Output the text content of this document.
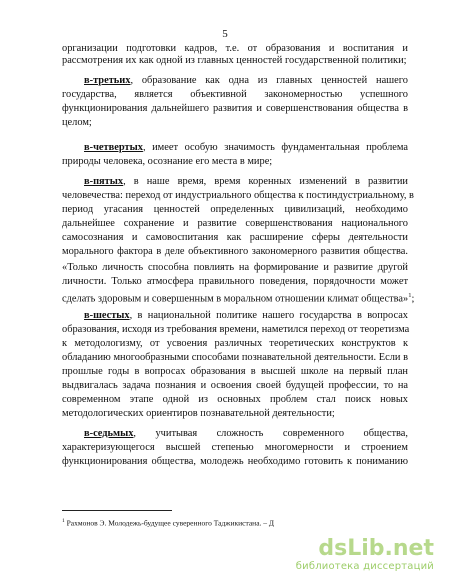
5
организации подготовки кадров, т.е. от образования и воспитания и
рассмотрения их как одной из главных ценностей государственной политики;
в-третьих, образование как одна из главных ценностей нашего
государства, является объективной закономерностью успешного
функционирования дальнейшего развития и совершенствования общества в
целом;
в-четвертых, имеет особую значимость фундаментальная проблема
природы человека, осознание его места в мире;
в-пятых, в наше время, время коренных изменений в развитии
человечества: переход от индустриального общества к постиндустриальному, в
период угасания ценностей определенных цивилизаций, необходимо
дальнейшее сохранение и развитие совершенствования национального
самосознания и самовоспитания как расширение сферы деятельности
морального фактора в деле объективного закономерного развития общества.
«Только личность способна повлиять на формирование и развитие другой
личности. Только атмосфера правильного поведения, порядочности может
сделать здоровым и совершенным в моральном отношении климат общества»$^1$;
в-шестых, в национальной политике нашего государства в вопросах
образования, исходя из требования времени, наметился переход от теоретизма
к методологизму, от усвоения различных теоретических конструктов к
обладанию многообразными способами познавательной деятельности. Если в
прошлые годы в вопросах образования в высшей школе на первый план
выдвигалась задача познания и освоения своей будущей профессии, то на
современном этапе одной из основных проблем стал поиск новых
методологических ориентиров познавательной деятельности;
в-седьмых, учитывая сложность современного общества,
характеризующегося высшей степенью многомерности и строением
функционирования общества, молодежь необходимо готовить к пониманию
$^1$ Рахмонов Э. Молодежь-будущее суверенного Таджикистана. – Д
dsLib.net
библиотека диссертаций
